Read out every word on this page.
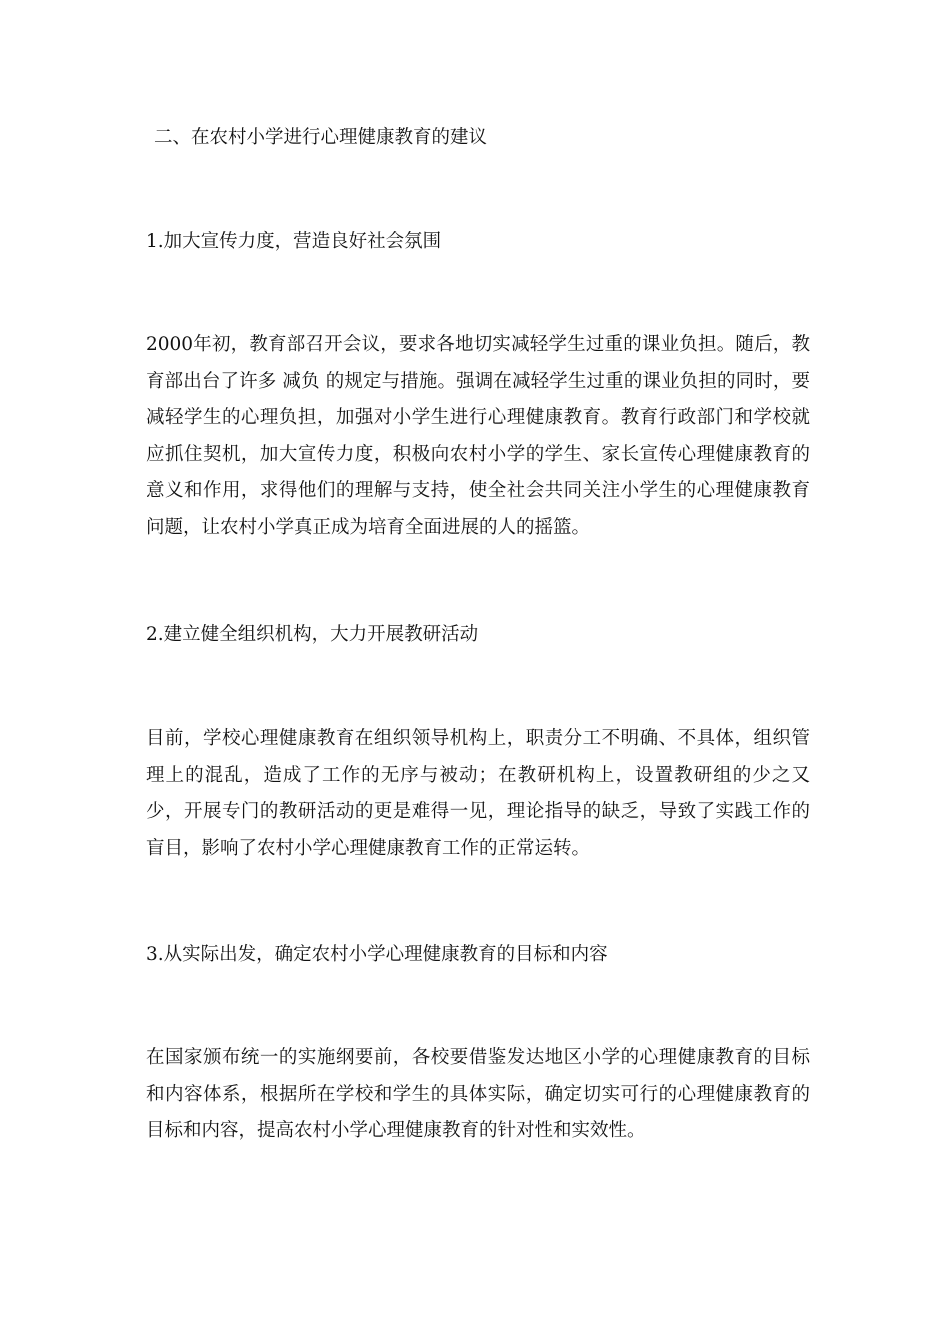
二、在农村小学进行心理健康教育的建议

1.加大宣传力度，营造良好社会氛围

2000年初，教育部召开会议，要求各地切实减轻学生过重的课业负担。随后，教育部出台了许多 减负 的规定与措施。强调在减轻学生过重的课业负担的同时，要减轻学生的心理负担，加强对小学生进行心理健康教育。教育行政部门和学校就应抓住契机，加大宣传力度，积极向农村小学的学生、家长宣传心理健康教育的意义和作用，求得他们的理解与支持，使全社会共同关注小学生的心理健康教育问题，让农村小学真正成为培育全面进展的人的摇篮。

2.建立健全组织机构，大力开展教研活动

目前，学校心理健康教育在组织领导机构上，职责分工不明确、不具体，组织管理上的混乱，造成了工作的无序与被动；在教研机构上，设置教研组的少之又少，开展专门的教研活动的更是难得一见，理论指导的缺乏，导致了实践工作的盲目，影响了农村小学心理健康教育工作的正常运转。

3.从实际出发，确定农村小学心理健康教育的目标和内容

在国家颁布统一的实施纲要前，各校要借鉴发达地区小学的心理健康教育的目标和内容体系，根据所在学校和学生的具体实际，确定切实可行的心理健康教育的目标和内容，提高农村小学心理健康教育的针对性和实效性。
